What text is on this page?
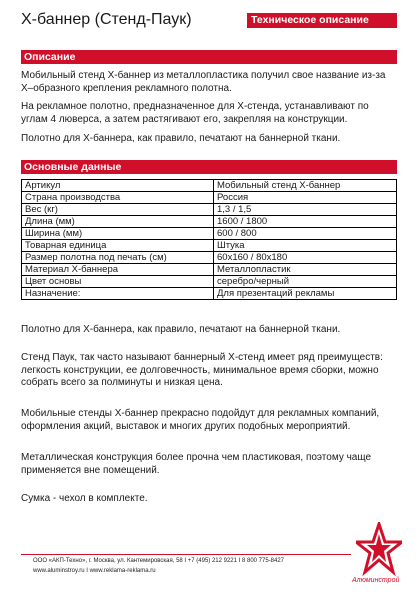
X-баннер (Стенд-Паук)	Техническое описание
Описание

Мобильный стенд X-баннер из металлопластика получил свое название из-за X–образного крепления рекламного полотна.

На рекламное полотно, предназначенное для X-стенда, устанавливают по углам 4 люверса, а затем растягивают его, закрепляя на конструкции.

Полотно для X-баннера, как правило, печатают на баннерной ткани.

Основные данные
Артикул	Мобильный стенд X-баннер
Страна производства	Россия
Вес (кг)	1,3 / 1,5
Длина (мм)	1600 / 1800
Ширина (мм)	600 / 800
Товарная единица	Штука
Размер полотна под печать (см)	60x160 / 80x180
Материал X-баннера	Металлопластик
Цвет основы	серебро/черный
Назначение:	Для презентаций рекламы

Полотно для X-баннера, как правило, печатают на баннерной ткани.

Стенд Паук, так часто называют баннерный X-стенд имеет ряд преимуществ: легкость конструкции, ее долговечность, минимальное время сборки, можно собрать всего за полминуты и низкая цена.

Мобильные стенды X-баннер прекрасно подойдут для рекламных компаний, оформления акций, выставок и многих других подобных мероприятий.

Металлическая конструкция более прочна чем пластиковая, поэтому чаще применяется вне помещений.

Сумка - чехол в комплекте.

ООО «АКП-Техно», г. Москва, ул. Кантемировская, 58 I +7 (495) 212 9221 I 8 800 775-8427
www.aluminstroy.ru I www.reklama-reklama.ru
Алюминстрой
